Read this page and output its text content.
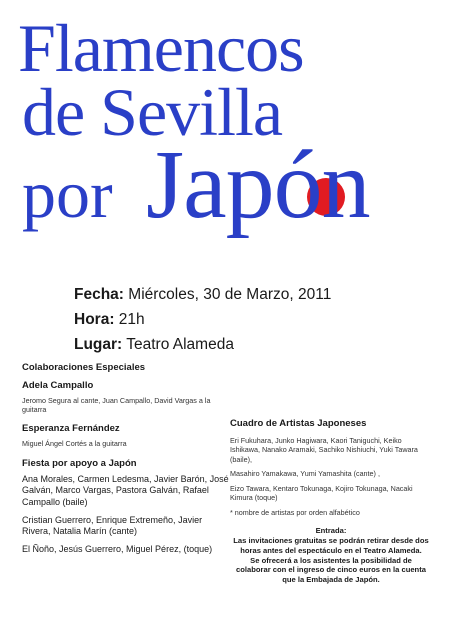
Flamencos
de Sevilla
por Japón
Fecha: Miércoles, 30 de Marzo, 2011
Hora: 21h
Lugar: Teatro Alameda

Colaboraciones Especiales

Adela Campallo

Jeromo Segura al cante, Juan Campallo, David Vargas a la guitarra

Esperanza Fernández

Miguel Ángel Cortés a la guitarra

Fiesta por apoyo a Japón

Ana Morales, Carmen Ledesma, Javier Barón, José Galván, Marco Vargas, Pastora Galván, Rafael Campallo (baile)

Cristian Guerrero, Enrique Extremeño, Javier Rivera, Natalia Marín (cante)

El Ñoño, Jesús Guerrero, Miguel Pérez, (toque)

Cuadro de Artistas Japoneses

Eri Fukuhara, Junko Hagiwara, Kaori Taniguchi, Keiko Ishikawa, Nanako Aramaki, Sachiko Nishiuchi, Yuki Tawara (baile),

Masahiro Yamakawa, Yumi Yamashita (cante) ,

Eizo Tawara, Kentaro Tokunaga, Kojiro Tokunaga, Nacaki Kimura (toque)

* nombre de artistas por orden alfabético

Entrada:

Las invitaciones gratuitas se podrán retirar desde dos horas antes del espectáculo en el Teatro Alameda.

Se ofrecerá a los asistentes la posibilidad de colaborar con el ingreso de cinco euros en la cuenta que la Embajada de Japón.
